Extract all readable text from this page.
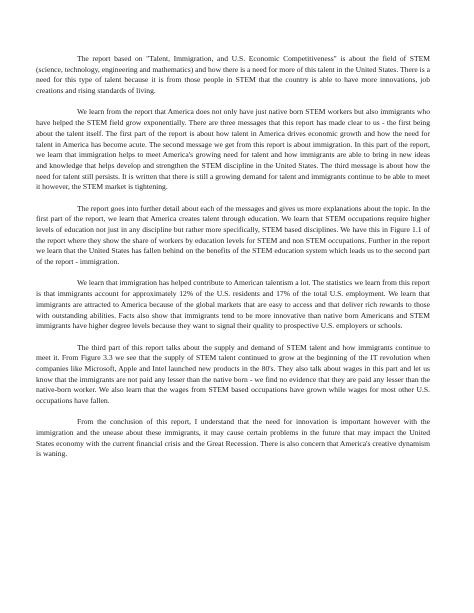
The report based on "Talent, Immigration, and U.S. Economic Competitiveness" is about the field of STEM (science, technology, engineering and mathematics) and how there is a need for more of this talent in the United States. There is a need for this type of talent because it is from those people in STEM that the country is able to have more innovations, job creations and rising standards of living.

We learn from the report that America does not only have just native born STEM workers but also immigrants who have helped the STEM field grow exponentially. There are three messages that this report has made clear to us - the first being about the talent itself. The first part of the report is about how talent in America drives economic growth and how the need for talent in America has become acute. The second message we get from this report is about immigration. In this part of the report, we learn that immigration helps to meet America's growing need for talent and how immigrants are able to bring in new ideas and knowledge that helps develop and strengthen the STEM discipline in the United States. The third message is about how the need for talent still persists. It is written that there is still a growing demand for talent and immigrants continue to be able to meet it however, the STEM market is tightening.

The report goes into further detail about each of the messages and gives us more explanations about the topic. In the first part of the report, we learn that America creates talent through education. We learn that STEM occupations require higher levels of education not just in any discipline but rather more specifically, STEM based disciplines. We have this in Figure 1.1 of the report where they show the share of workers by education levels for STEM and non STEM occupations. Further in the report we learn that the United States has fallen behind on the benefits of the STEM education system which leads us to the second part of the report - immigration.

We learn that immigration has helped contribute to American talentism a lot. The statistics we learn from this report is that immigrants account for approximately 12% of the U.S. residents and 17% of the total U.S. employment. We learn that immigrants are attracted to America because of the global markets that are easy to access and that deliver rich rewards to those with outstanding abilities. Facts also show that immigrants tend to be more innovative than native born Americans and STEM immigrants have higher degree levels because they want to signal their quality to prospective U.S. employers or schools.

The third part of this report talks about the supply and demand of STEM talent and how immigrants continue to meet it. From Figure 3.3 we see that the supply of STEM talent continued to grow at the beginning of the IT revolution when companies like Microsoft, Apple and Intel launched new products in the 80's. They also talk about wages in this part and let us know that the immigrants are not paid any lesser than the native born - we find no evidence that they are paid any lesser than the native-born worker. We also learn that the wages from STEM based occupations have grown while wages for most other U.S. occupations have fallen.

From the conclusion of this report, I understand that the need for innovation is important however with the immigration and the unease about these immigrants, it may cause certain problems in the future that may impact the United States economy with the current financial crisis and the Great Recession. There is also concern that America's creative dynamism is waning.
